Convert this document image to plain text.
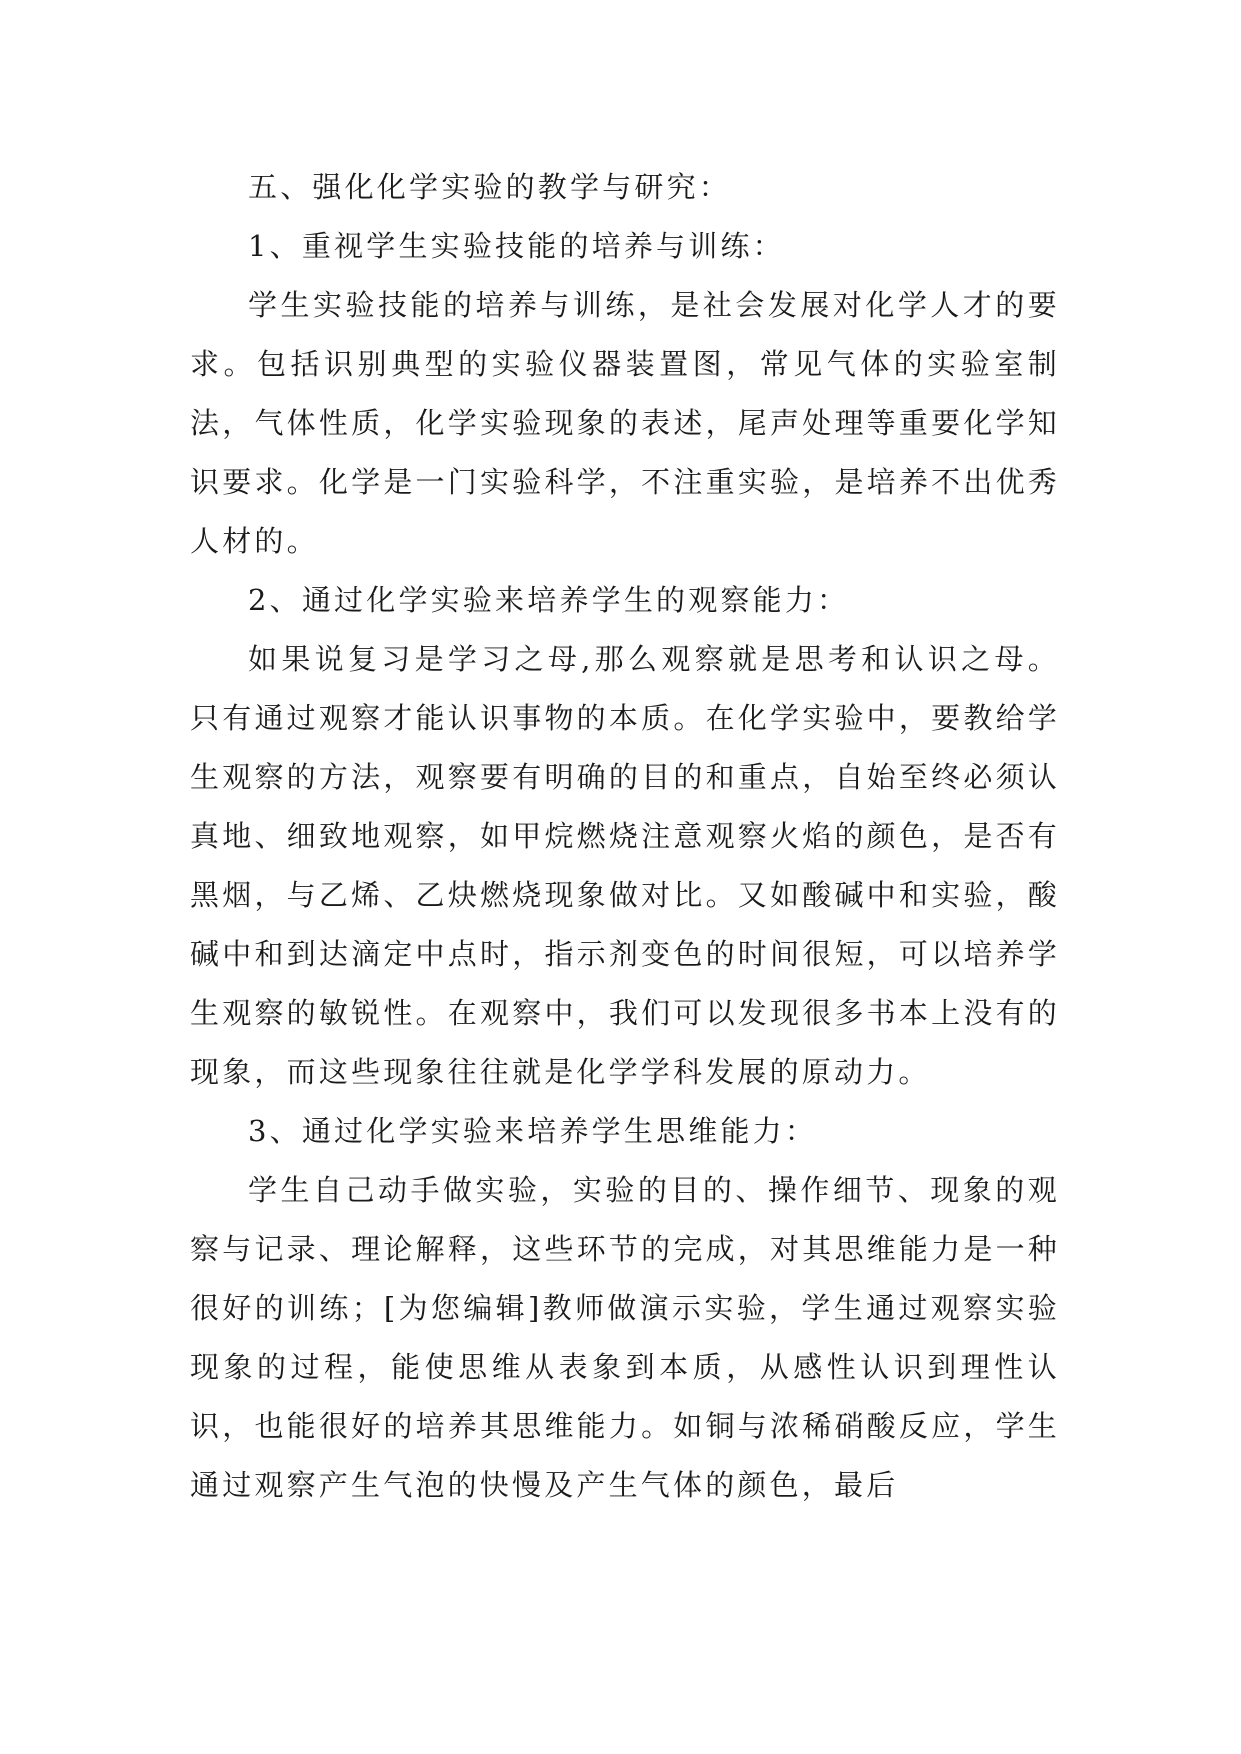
五、强化化学实验的教学与研究：

1、重视学生实验技能的培养与训练：

学生实验技能的培养与训练，是社会发展对化学人才的要求。包括识别典型的实验仪器装置图，常见气体的实验室制法，气体性质，化学实验现象的表述，尾声处理等重要化学知识要求。化学是一门实验科学，不注重实验，是培养不出优秀人材的。

2、通过化学实验来培养学生的观察能力：

如果说复习是学习之母,那么观察就是思考和认识之母。只有通过观察才能认识事物的本质。在化学实验中，要教给学生观察的方法，观察要有明确的目的和重点，自始至终必须认真地、细致地观察，如甲烷燃烧注意观察火焰的颜色，是否有黑烟，与乙烯、乙炔燃烧现象做对比。又如酸碱中和实验，酸碱中和到达滴定中点时，指示剂变色的时间很短，可以培养学生观察的敏锐性。在观察中，我们可以发现很多书本上没有的现象，而这些现象往往就是化学学科发展的原动力。

3、通过化学实验来培养学生思维能力：

学生自己动手做实验，实验的目的、操作细节、现象的观察与记录、理论解释，这些环节的完成，对其思维能力是一种很好的训练；[为您编辑]教师做演示实验，学生通过观察实验现象的过程，能使思维从表象到本质，从感性认识到理性认识，也能很好的培养其思维能力。如铜与浓稀硝酸反应，学生通过观察产生气泡的快慢及产生气体的颜色，最后
